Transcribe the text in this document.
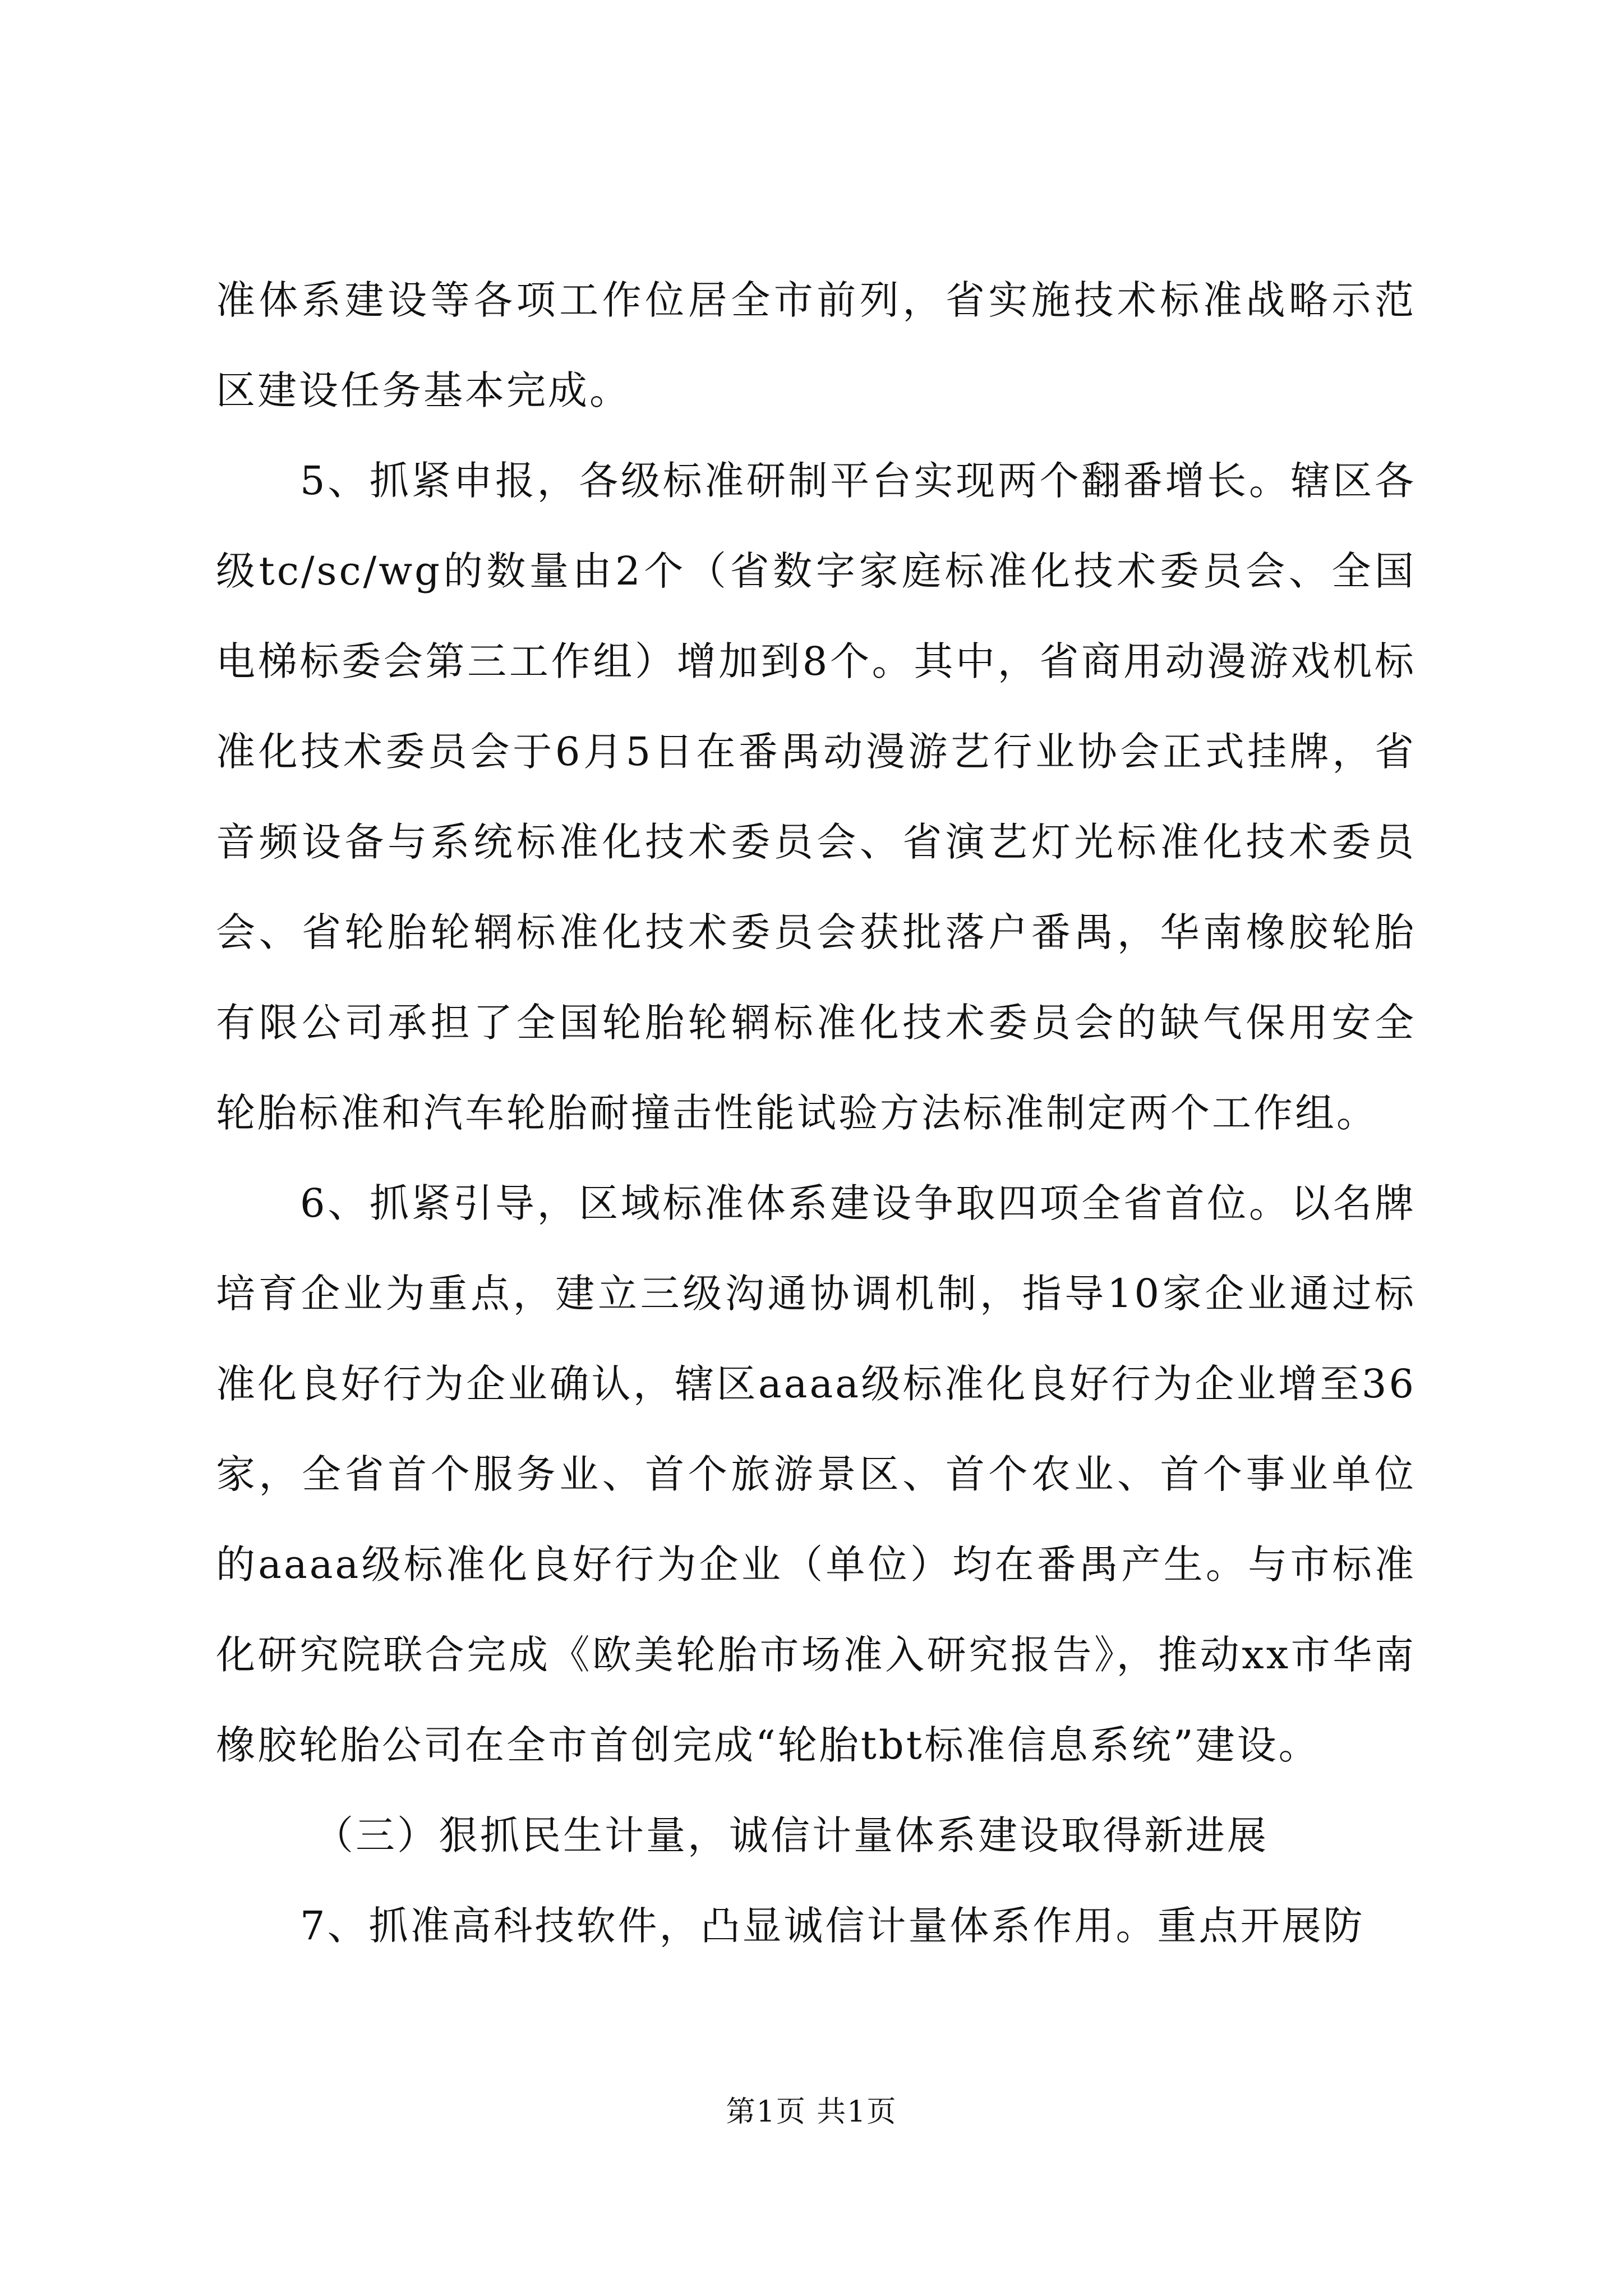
准体系建设等各项工作位居全市前列，省实施技术标准战略示范区建设任务基本完成。

5、抓紧申报，各级标准研制平台实现两个翻番增长。辖区各级tc/sc/wg的数量由2个（省数字家庭标准化技术委员会、全国电梯标委会第三工作组）增加到8个。其中，省商用动漫游戏机标准化技术委员会于6月5日在番禺动漫游艺行业协会正式挂牌，省音频设备与系统标准化技术委员会、省演艺灯光标准化技术委员会、省轮胎轮辋标准化技术委员会获批落户番禺，华南橡胶轮胎有限公司承担了全国轮胎轮辋标准化技术委员会的缺气保用安全轮胎标准和汽车轮胎耐撞击性能试验方法标准制定两个工作组。

6、抓紧引导，区域标准体系建设争取四项全省首位。以名牌培育企业为重点，建立三级沟通协调机制，指导10家企业通过标准化良好行为企业确认，辖区aaaa级标准化良好行为企业增至36家，全省首个服务业、首个旅游景区、首个农业、首个事业单位的aaaa级标准化良好行为企业（单位）均在番禺产生。与市标准化研究院联合完成《欧美轮胎市场准入研究报告》，推动xx市华南橡胶轮胎公司在全市首创完成“轮胎tbt标准信息系统”建设。

（三）狠抓民生计量，诚信计量体系建设取得新进展

7、抓准高科技软件，凸显诚信计量体系作用。重点开展防

第1页 共1页
